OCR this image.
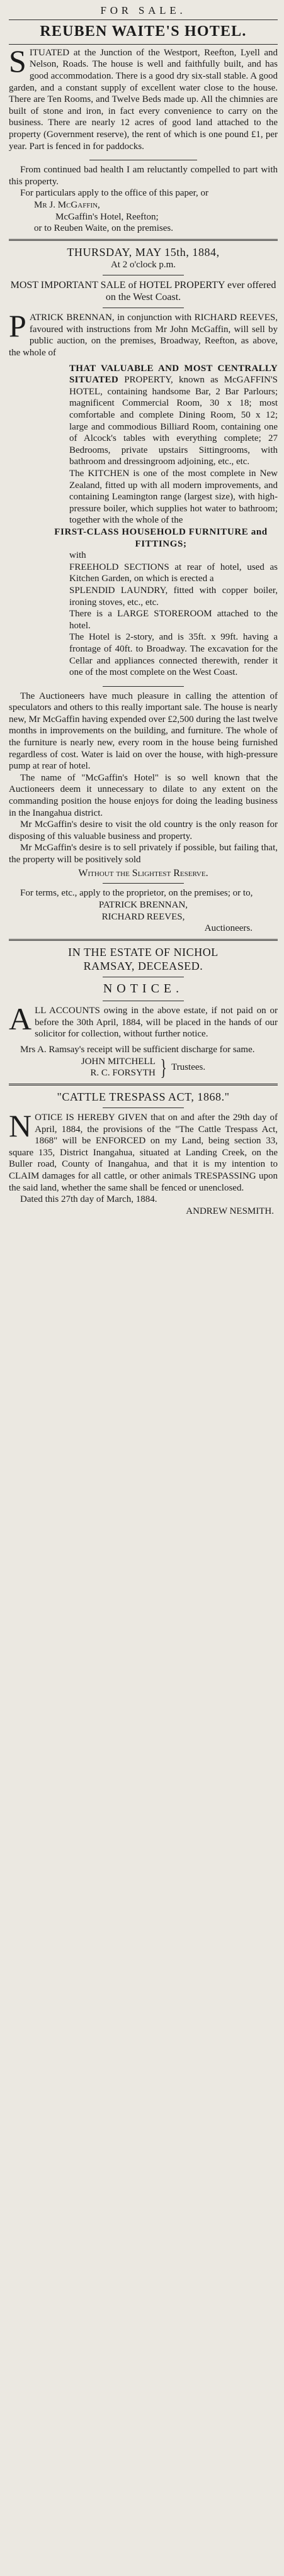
FOR SALE.
REUBEN WAITE'S HOTEL.

SITUATED at the Junction of the Westport, Reefton, Lyell and Nelson, Roads. The house is well and faithfully built, and has good accommodation. There is a good dry six-stall stable. A good garden, and a constant supply of excellent water close to the house. There are Ten Rooms, and Twelve Beds made up. All the chimnies are built of stone and iron, in fact every convenience to carry on the business. There are nearly 12 acres of good land attached to the property (Government reserve), the rent of which is one pound £1, per year. Part is fenced in for paddocks.

From continued bad health I am reluctantly compelled to part with this property.

For particulars apply to the office of this paper, or

Mr J. McGaffin,
McGaffin's Hotel, Reefton;
or to Reuben Waite, on the premises.
THURSDAY, MAY 15th, 1884,
At 2 o'clock p.m.

MOST IMPORTANT SALE of HOTEL PROPERTY ever offered on the West Coast.

PATRICK BRENNAN, in conjunction with RICHARD REEVES, favoured with instructions from Mr John McGaffin, will sell by public auction, on the premises, Broadway, Reefton, as above, the whole of

THAT VALUABLE AND MOST CENTRALLY SITUATED PROPERTY, known as McGAFFIN'S HOTEL, containing handsome Bar, 2 Bar Parlours; magnificent Commercial Room, 30 x 18; most comfortable and complete Dining Room, 50 x 12; large and commodious Billiard Room, containing one of Alcock's tables with everything complete; 27 Bedrooms, private upstairs Sittingrooms, with bathroom and dressingroom adjoining, etc., etc.
The KITCHEN is one of the most complete in New Zealand, fitted up with all modern improvements, and containing Leamington range (largest size), with high-pressure boiler, which supplies hot water to bathroom; together with the whole of the
FIRST-CLASS HOUSEHOLD FURNITURE and FITTINGS;
with
FREEHOLD SECTIONS at rear of hotel, used as Kitchen Garden, on which is erected a
SPLENDID LAUNDRY, fitted with copper boiler, ironing stoves, etc., etc.
There is a LARGE STOREROOM attached to the hotel.
The Hotel is 2-story, and is 35ft. x 99ft. having a frontage of 40ft. to Broadway. The excavation for the Cellar and appliances connected therewith, render it one of the most complete on the West Coast.

The Auctioneers have much pleasure in calling the attention of speculators and others to this really important sale. The house is nearly new, Mr McGaffin having expended over £2,500 during the last twelve months in improvements on the building, and furniture. The whole of the furniture is nearly new, every room in the house being furnished regardless of cost. Water is laid on over the house, with high-pressure pump at rear of hotel.

The name of "McGaffin's Hotel" is so well known that the Auctioneers deem it unnecessary to dilate to any extent on the commanding position the house enjoys for doing the leading business in the Inangahua district.

Mr McGaffin's desire to visit the old country is the only reason for disposing of this valuable business and property.

Mr McGaffin's desire is to sell privately if possible, but failing that, the property will be positively sold

Without the Slightest Reserve.

For terms, etc., apply to the proprietor, on the premises; or to,

PATRICK BRENNAN,
RICHARD REEVES,
Auctioneers.
IN THE ESTATE OF NICHOL
RAMSAY, DECEASED.
NOTICE.

ALL ACCOUNTS owing in the above estate, if not paid on or before the 30th April, 1884, will be placed in the hands of our solicitor for collection, without further notice.

Mrs A. Ramsay's receipt will be sufficient discharge for same.

JOHN MITCHELL
R. C. FORSYTH } Trustees.
"CATTLE TRESPASS ACT, 1868."

NOTICE IS HEREBY GIVEN that on and after the 29th day of April, 1884, the provisions of the "The Cattle Trespass Act, 1868" will be ENFORCED on my Land, being section 33, square 135, District Inangahua, situated at Landing Creek, on the Buller road, County of Inangahua, and that it is my intention to CLAIM damages for all cattle, or other animals TRESPASSING upon the said land, whether the same shall be fenced or unenclosed.

Dated this 27th day of March, 1884.

ANDREW NESMITH.
